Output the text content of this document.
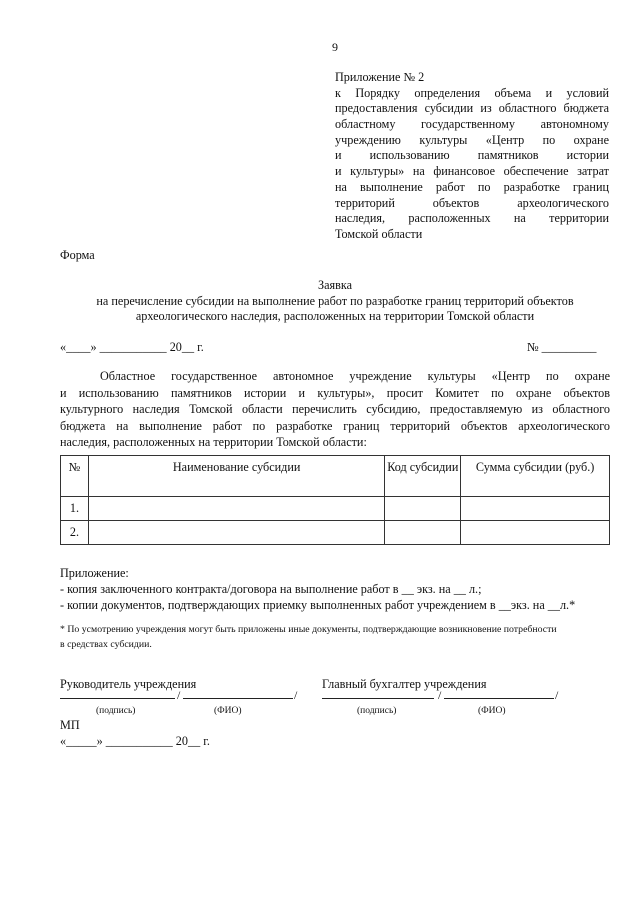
9
Приложение № 2
к Порядку определения объема и условий
предоставления субсидии из областного бюджета
областному государственному автономному
учреждению культуры «Центр по охране
и использованию памятников истории
и культуры» на финансовое обеспечение затрат
на выполнение работ по разработке границ
территорий объектов археологического
наследия, расположенных на территории
Томской области
Форма
Заявка
на перечисление субсидии на выполнение работ по разработке границ территорий объектов
археологического наследия, расположенных на территории Томской области
«____» ___________ 20__ г.	№ _________
Областное государственное автономное учреждение культуры «Центр по охране
и использованию памятников истории и культуры», просит Комитет по охране объектов
культурного наследия Томской области перечислить субсидию, предоставляемую из областного
бюджета на выполнение работ по разработке границ территорий объектов археологического
наследия, расположенных на территории Томской области:
№	Наименование субсидии	Код субсидии	Сумма субсидии (руб.)
1.			
2.			
Приложение:
- копия заключенного контракта/договора на выполнение работ в __ экз. на __ л.;
- копии документов, подтверждающих приемку выполненных работ учреждением в __экз. на __л.*
* По усмотрению учреждения могут быть приложены иные документы, подтверждающие возникновение потребности
в средствах субсидии.
Руководитель учреждения	Главный бухгалтер учреждения
/	/	/	/
(подпись)	(ФИО)	(подпись)	(ФИО)
МП
«_____» ___________ 20__ г.
